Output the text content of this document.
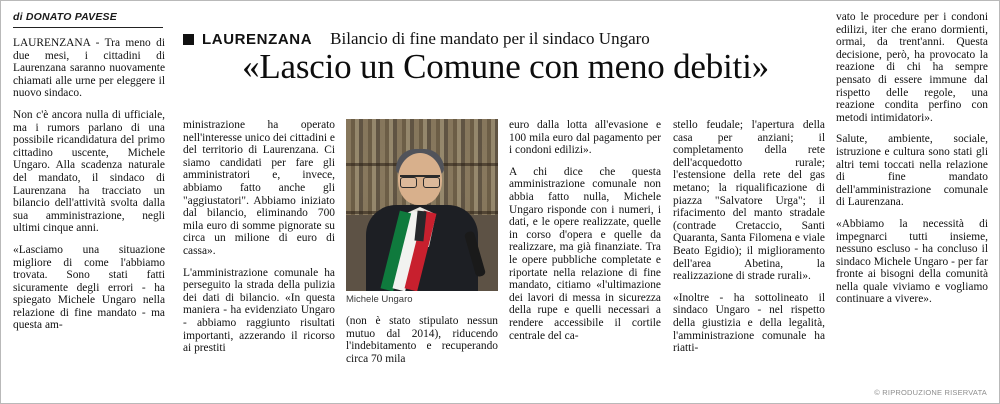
di DONATO PAVESE

LAURENZANA - Tra meno di due mesi, i cittadini di Laurenzana saranno nuovamente chiamati alle urne per eleggere il nuovo sindaco.

Non c'è ancora nulla di ufficiale, ma i rumors parlano di una possibile ricandidatura del primo cittadino uscente, Michele Ungaro. Alla scadenza naturale del mandato, il sindaco di Laurenzana ha tracciato un bilancio dell'attività svolta dalla sua amministrazione, negli ultimi cinque anni.

«Lasciamo una situazione migliore di come l'abbiamo trovata. Sono stati fatti sicuramente degli errori - ha spiegato Michele Ungaro nella relazione di fine mandato - ma questa am-

LAURENZANA Bilancio di fine mandato per il sindaco Ungaro
«Lascio un Comune con meno debiti»

ministrazione ha operato nell'interesse unico dei cittadini e del territorio di Laurenzana. Ci siamo candidati per fare gli amministratori e, invece, abbiamo fatto anche gli "aggiustatori". Abbiamo iniziato dal bilancio, eliminando 700 mila euro di somme pignorate su circa un milione di euro di cassa».

L'amministrazione comunale ha perseguito la strada della pulizia dei dati di bilancio. «In questa maniera - ha evidenziato Ungaro - abbiamo raggiunto risultati importanti, azzerando il ricorso ai prestiti

Michele Ungaro

(non è stato stipulato nessun mutuo dal 2014), riducendo l'indebitamento e recuperando circa 70 mila

euro dalla lotta all'evasione e 100 mila euro dal pagamento per i condoni edilizi».

A chi dice che questa amministrazione comunale non abbia fatto nulla, Michele Ungaro risponde con i numeri, i dati, e le opere realizzate, quelle in corso d'opera e quelle da realizzare, ma già finanziate. Tra le opere pubbliche completate e riportate nella relazione di fine mandato, citiamo «l'ultimazione dei lavori di messa in sicurezza della rupe e quelli necessari a rendere accessibile il cortile centrale del ca-

stello feudale; l'apertura della casa per anziani; il completamento della rete dell'acquedotto rurale; l'estensione della rete del gas metano; la riqualificazione di piazza "Salvatore Urga"; il rifacimento del manto stradale (contrade Cretaccio, Santi Quaranta, Santa Filomena e viale Beato Egidio); il miglioramento dell'area Abetina, la realizzazione di strade rurali».

«Inoltre - ha sottolineato il sindaco Ungaro - nel rispetto della giustizia e della legalità, l'amministrazione comunale ha riatti-

vato le procedure per i condoni edilizi, iter che erano dormienti, ormai, da trent'anni. Questa decisione, però, ha provocato la reazione di chi ha sempre pensato di essere immune dal rispetto delle regole, una reazione condita perfino con metodi intimidatori».

Salute, ambiente, sociale, istruzione e cultura sono stati gli altri temi toccati nella relazione di fine mandato dell'amministrazione comunale di Laurenzana.

«Abbiamo la necessità di impegnarci tutti insieme, nessuno escluso - ha concluso il sindaco Michele Ungaro - per far fronte ai bisogni della comunità nella quale viviamo e vogliamo continuare a vivere».

© RIPRODUZIONE RISERVATA
